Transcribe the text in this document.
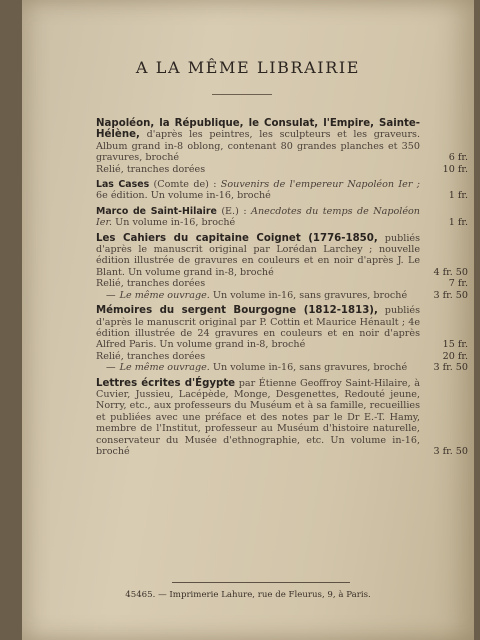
A LA MÊME LIBRAIRIE
Napoléon, la République, le Consulat, l'Empire, Sainte-Hélène, d'après les peintres, les sculpteurs et les graveurs. Album grand in-8 oblong, contenant 80 grandes planches et 350 gravures, broché	6 fr.
Relié, tranches dorées	10 fr.
Las Cases (Comte de) : Souvenirs de l'empereur Napoléon Ier ; 6e édition. Un volume in-16, broché	1 fr.
Marco de Saint-Hilaire (E.) : Anecdotes du temps de Napoléon Ier. Un volume in-16, broché	1 fr.
Les Cahiers du capitaine Coignet (1776-1850, publiés d'après le manuscrit original par Lorédan Larchey ; nouvelle édition illustrée de gravures en couleurs et en noir d'après J. Le Blant. Un volume grand in-8, broché	4 fr. 50
Relié, tranches dorées	7 fr.
— Le même ouvrage. Un volume in-16, sans gravures, broché	3 fr. 50
Mémoires du sergent Bourgogne (1812-1813), publiés d'après le manuscrit original par P. Cottin et Maurice Hénault ; 4e édition illustrée de 24 gravures en couleurs et en noir d'après Alfred Paris. Un volume grand in-8, broché	15 fr.
Relié, tranches dorées	20 fr.
— Le même ouvrage. Un volume in-16, sans gravures, broché	3 fr. 50
Lettres écrites d'Égypte par Étienne Geoffroy Saint-Hilaire, à Cuvier, Jussieu, Lacépède, Monge, Desgenettes, Redouté jeune, Norry, etc., aux professeurs du Muséum et à sa famille, recueillies et publiées avec une préface et des notes par le Dr E.-T. Hamy, membre de l'Institut, professeur au Muséum d'histoire naturelle, conservateur du Musée d'ethnographie, etc. Un volume in-16, broché	3 fr. 50
45465. — Imprimerie Lahure, rue de Fleurus, 9, à Paris.
